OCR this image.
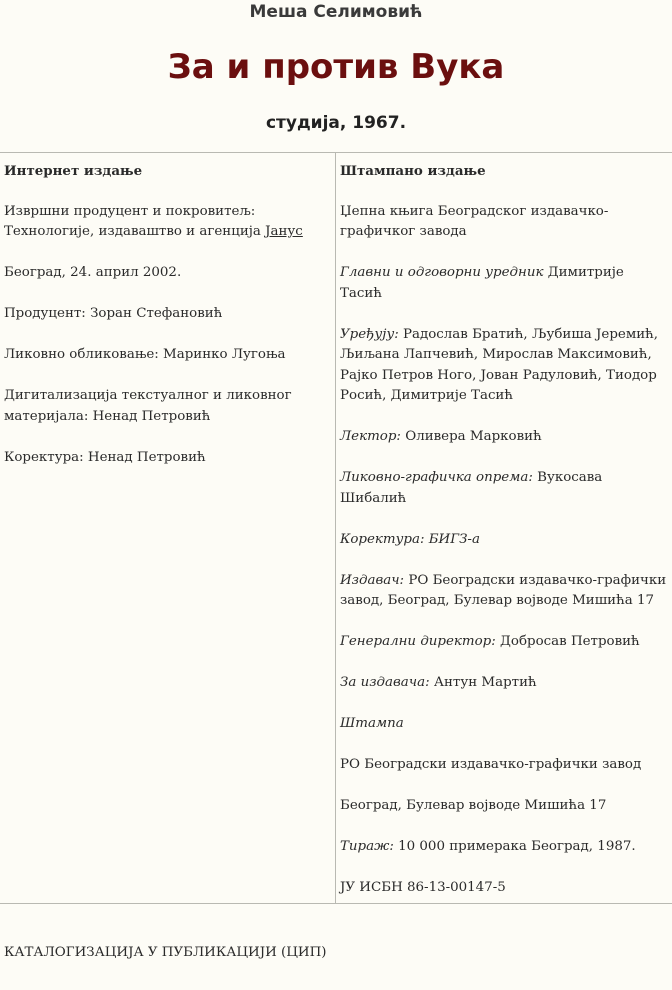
Меша Селимовић
За и против Вука
студија, 1967.
Интернет издање
Извршни продуцент и покровитељ: Технологије, издаваштво и агенција Јанус
Београд, 24. април 2002.
Продуцент: Зоран Стефановић
Ликовно обликовање: Маринко Лугоња
Дигитализација текстуалног и ликовног материјала: Ненад Петровић
Коректура: Ненад Петровић

Штампано издање
Џепна књига Београдског издавачко-графичког завода
Главни и одговорни уредник Димитрије Тасић
Уређују: Радослав Братић, Љубиша Јеремић, Љиљана Лапчевић, Мирослав Максимовић, Рајко Петров Ного, Јован Радуловић, Тиодор Росић, Димитрије Тасић
Лектор: Оливера Марковић
Ликовно-графичка опрема: Вукосава Шибалић
Коректура: БИГЗ-а
Издавач: РО Београдски издавачко-графички завод, Београд, Булевар војводе Мишића 17
Генерални директор: Добросав Петровић
За издавача: Антун Мартић
Штампа
РО Београдски издавачко-графички завод
Београд, Булевар војводе Мишића 17
Тираж: 10 000 примерака Београд, 1987.
ЈУ ИСБН 86-13-00147-5
КАТАЛОГИЗАЦИЈА У ПУБЛИКАЦИЈИ (ЦИП)
